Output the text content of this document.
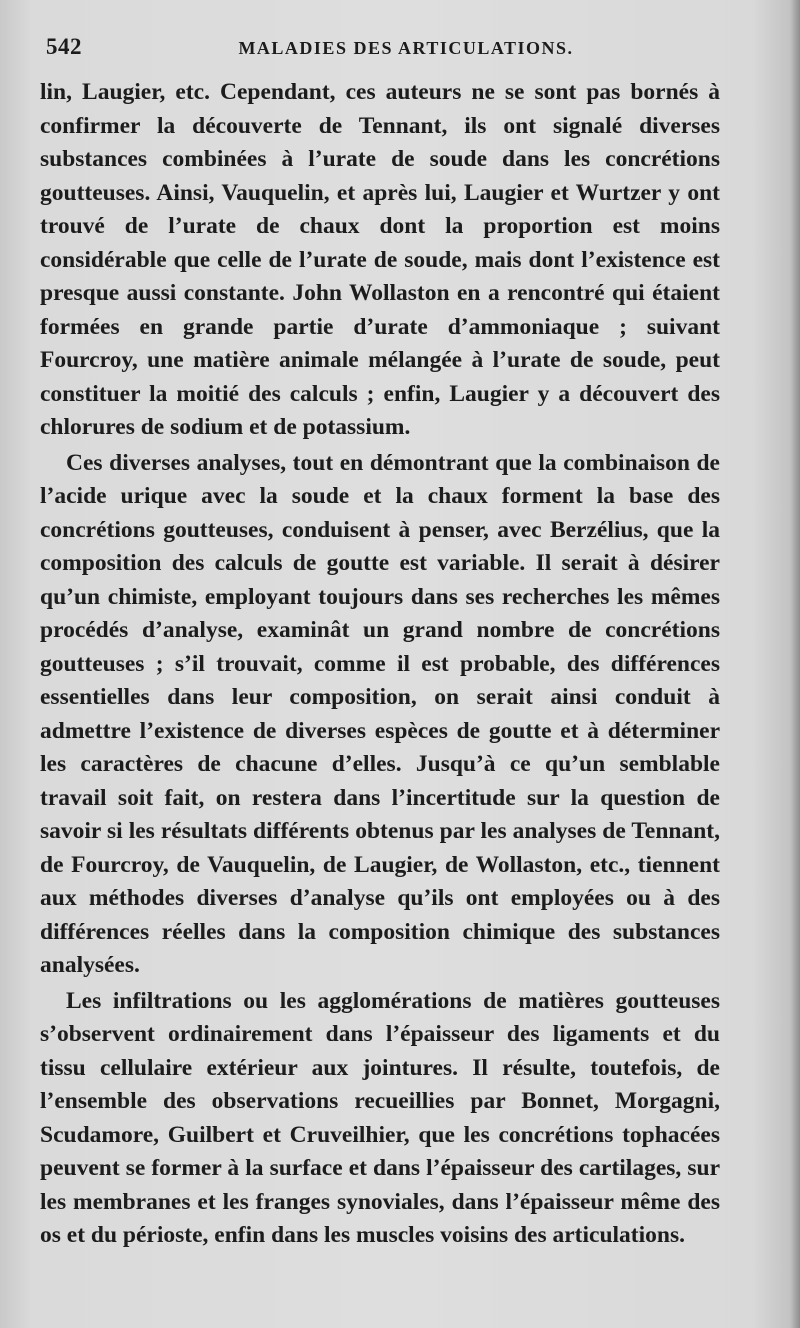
542	MALADIES DES ARTICULATIONS.

lin, Laugier, etc. Cependant, ces auteurs ne se sont pas bornés à confirmer la découverte de Tennant, ils ont signalé diverses substances combinées à l’urate de soude dans les concrétions goutteuses. Ainsi, Vauquelin, et après lui, Laugier et Wurtzer y ont trouvé de l’urate de chaux dont la proportion est moins considérable que celle de l’urate de soude, mais dont l’existence est presque aussi constante. John Wollaston en a rencontré qui étaient formées en grande partie d’urate d’ammoniaque ; suivant Fourcroy, une matière animale mélangée à l’urate de soude, peut constituer la moitié des calculs ; enfin, Laugier y a découvert des chlorures de sodium et de potassium.

Ces diverses analyses, tout en démontrant que la combinaison de l’acide urique avec la soude et la chaux forment la base des concrétions goutteuses, conduisent à penser, avec Berzélius, que la composition des calculs de goutte est variable. Il serait à désirer qu’un chimiste, employant toujours dans ses recherches les mêmes procédés d’analyse, examinât un grand nombre de concrétions goutteuses ; s’il trouvait, comme il est probable, des différences essentielles dans leur composition, on serait ainsi conduit à admettre l’existence de diverses espèces de goutte et à déterminer les caractères de chacune d’elles. Jusqu’à ce qu’un semblable travail soit fait, on restera dans l’incertitude sur la question de savoir si les résultats différents obtenus par les analyses de Tennant, de Fourcroy, de Vauquelin, de Laugier, de Wollaston, etc., tiennent aux méthodes diverses d’analyse qu’ils ont employées ou à des différences réelles dans la composition chimique des substances analysées.

Les infiltrations ou les agglomérations de matières goutteuses s’observent ordinairement dans l’épaisseur des ligaments et du tissu cellulaire extérieur aux jointures. Il résulte, toutefois, de l’ensemble des observations recueillies par Bonnet, Morgagni, Scudamore, Guilbert et Cruveilhier, que les concrétions tophacées peuvent se former à la surface et dans l’épaisseur des cartilages, sur les membranes et les franges synoviales, dans l’épaisseur même des os et du périoste, enfin dans les muscles voisins des articulations.
